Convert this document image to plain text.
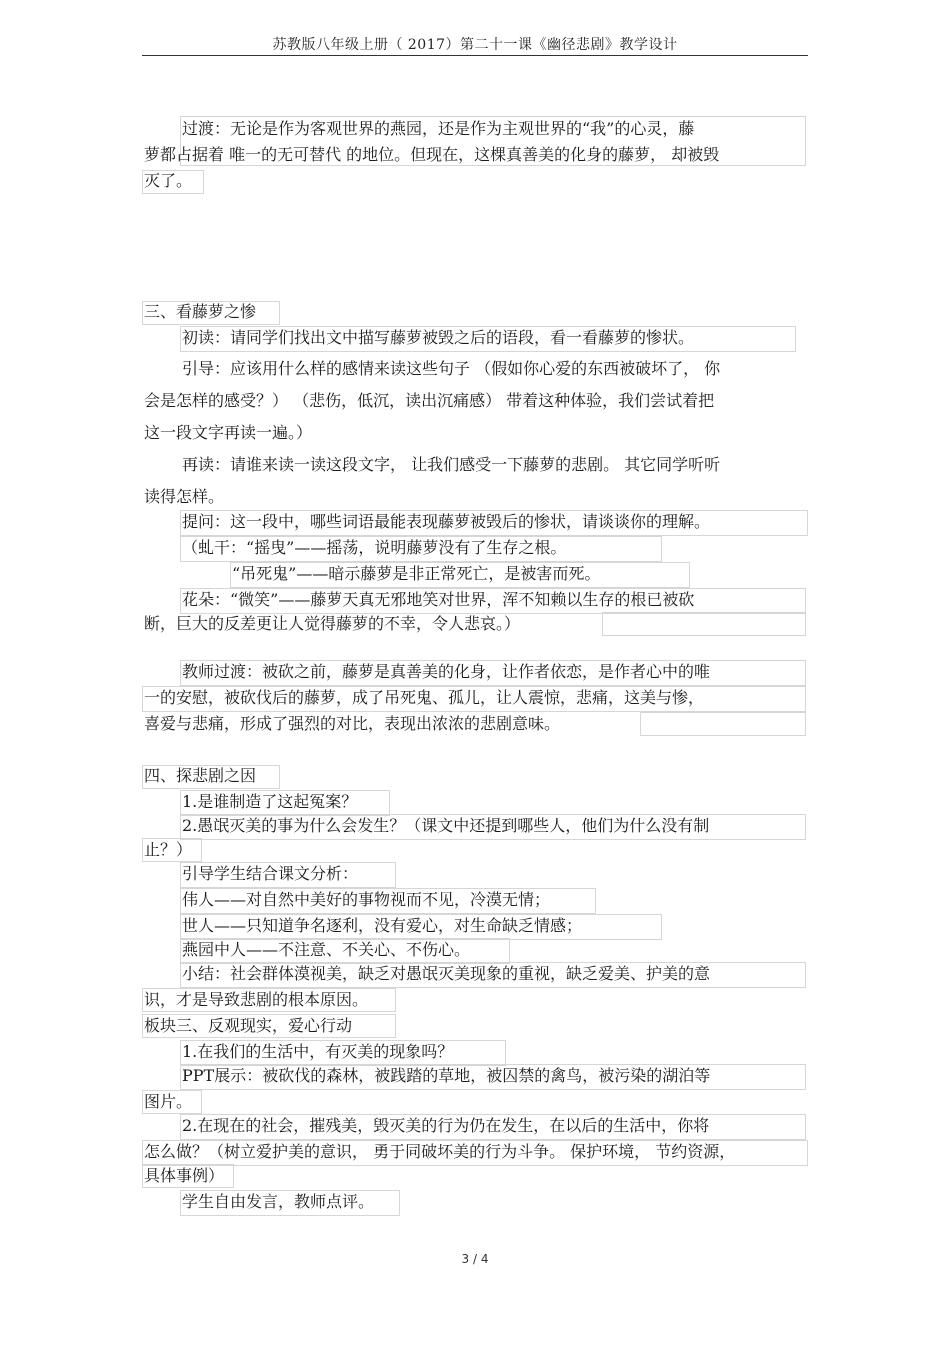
苏教版八年级上册（ 2017）第二十一课《幽径悲剧》教学设计
过渡：无论是作为客观世界的燕园，还是作为主观世界的“我”的心灵，藤
萝都占据着 唯一的无可替代 的地位。但现在，这棵真善美的化身的藤萝， 却被毁
灭了。
三、看藤萝之惨
初读：请同学们找出文中描写藤萝被毁之后的语段，看一看藤萝的惨状。
引导：应该用什么样的感情来读这些句子 （假如你心爱的东西被破坏了， 你
会是怎样的感受？） （悲伤，低沉，读出沉痛感） 带着这种体验，我们尝试着把
这一段文字再读一遍。）
再读：请谁来读一读这段文字， 让我们感受一下藤萝的悲剧。 其它同学听听
读得怎样。
提问：这一段中，哪些词语最能表现藤萝被毁后的惨状，请谈谈你的理解。
（虬干：“摇曳”——摇荡，说明藤萝没有了生存之根。
“吊死鬼”——暗示藤萝是非正常死亡，是被害而死。
花朵：“微笑”——藤萝天真无邪地笑对世界，浑不知赖以生存的根已被砍
断，巨大的反差更让人觉得藤萝的不幸，令人悲哀。）
教师过渡：被砍之前，藤萝是真善美的化身，让作者依恋，是作者心中的唯
一的安慰，被砍伐后的藤萝，成了吊死鬼、孤儿，让人震惊，悲痛，这美与惨，
喜爱与悲痛，形成了强烈的对比，表现出浓浓的悲剧意味。
四、探悲剧之因
1.是谁制造了这起冤案？
2.愚氓灭美的事为什么会发生？（课文中还提到哪些人，他们为什么没有制
止？）
引导学生结合课文分析：
伟人——对自然中美好的事物视而不见，冷漠无情；
世人——只知道争名逐利，没有爱心，对生命缺乏情感；
燕园中人——不注意、不关心、不伤心。
小结：社会群体漠视美，缺乏对愚氓灭美现象的重视，缺乏爱美、护美的意
识，才是导致悲剧的根本原因。
板块三、反观现实，爱心行动
1.在我们的生活中，有灭美的现象吗？
PPT展示：被砍伐的森林，被践踏的草地，被囚禁的禽鸟，被污染的湖泊等
图片。
2.在现在的社会，摧残美，毁灭美的行为仍在发生，在以后的生活中，你将
怎么做？（树立爱护美的意识， 勇于同破坏美的行为斗争。 保护环境， 节约资源，
具体事例）
学生自由发言，教师点评。
3 / 4
